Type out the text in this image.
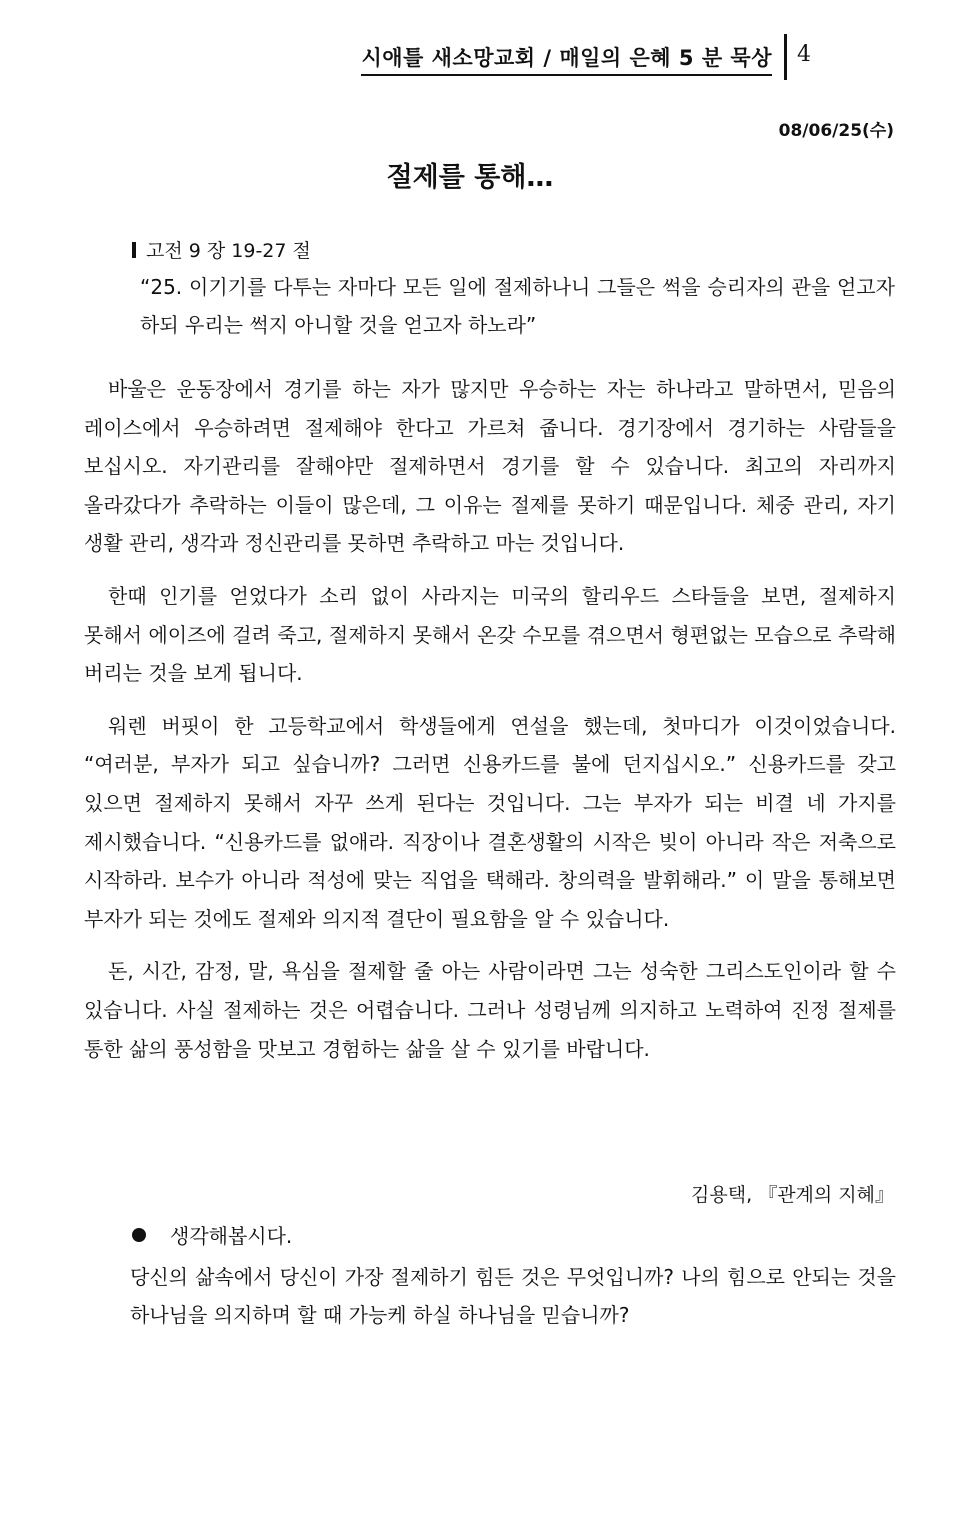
시애틀 새소망교회 / 매일의 은혜 5 분 묵상 4
08/06/25(수)
절제를 통해…
고전 9 장 19-27 절
“25. 이기기를 다투는 자마다 모든 일에 절제하나니 그들은 썩을 승리자의 관을 얻고자 하되 우리는 썩지 아니할 것을 얻고자 하노라”

바울은 운동장에서 경기를 하는 자가 많지만 우승하는 자는 하나라고 말하면서, 믿음의 레이스에서 우승하려면 절제해야 한다고 가르쳐 줍니다. 경기장에서 경기하는 사람들을 보십시오. 자기관리를 잘해야만 절제하면서 경기를 할 수 있습니다. 최고의 자리까지 올라갔다가 추락하는 이들이 많은데, 그 이유는 절제를 못하기 때문입니다. 체중 관리, 자기 생활 관리, 생각과 정신관리를 못하면 추락하고 마는 것입니다.

한때 인기를 얻었다가 소리 없이 사라지는 미국의 할리우드 스타들을 보면, 절제하지 못해서 에이즈에 걸려 죽고, 절제하지 못해서 온갖 수모를 겪으면서 형편없는 모습으로 추락해 버리는 것을 보게 됩니다.

워렌 버핏이 한 고등학교에서 학생들에게 연설을 했는데, 첫마디가 이것이었습니다. “여러분, 부자가 되고 싶습니까? 그러면 신용카드를 불에 던지십시오.” 신용카드를 갖고 있으면 절제하지 못해서 자꾸 쓰게 된다는 것입니다. 그는 부자가 되는 비결 네 가지를 제시했습니다. “신용카드를 없애라. 직장이나 결혼생활의 시작은 빚이 아니라 작은 저축으로 시작하라. 보수가 아니라 적성에 맞는 직업을 택해라. 창의력을 발휘해라.” 이 말을 통해보면 부자가 되는 것에도 절제와 의지적 결단이 필요함을 알 수 있습니다.

돈, 시간, 감정, 말, 욕심을 절제할 줄 아는 사람이라면 그는 성숙한 그리스도인이라 할 수 있습니다. 사실 절제하는 것은 어렵습니다. 그러나 성령님께 의지하고 노력하여 진정 절제를 통한 삶의 풍성함을 맛보고 경험하는 삶을 살 수 있기를 바랍니다.

김용택, 『관계의 지혜』
생각해봅시다.
당신의 삶속에서 당신이 가장 절제하기 힘든 것은 무엇입니까? 나의 힘으로 안되는 것을 하나님을 의지하며 할 때 가능케 하실 하나님을 믿습니까?
